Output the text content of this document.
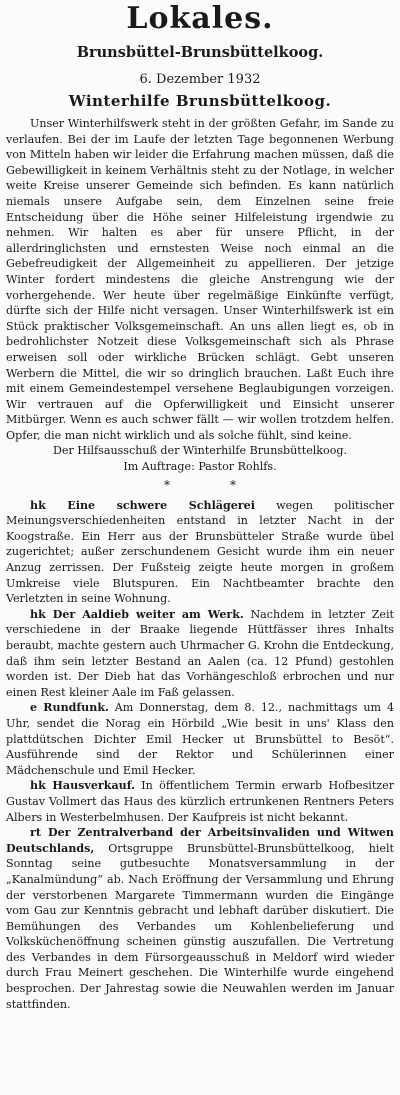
Lokales.
Brunsbüttel-Brunsbüttelkoog.
6. Dezember 1932
Winterhilfe Brunsbüttelkoog.

Unser Winterhilfswerk steht in der größten Gefahr, im Sande zu verlaufen. Bei der im Laufe der letzten Tage begonnenen Werbung von Mitteln haben wir leider die Erfahrung machen müssen, daß die Gebewilligkeit in keinem Verhältnis steht zu der Notlage, in welcher weite Kreise unserer Gemeinde sich befinden. Es kann natürlich niemals unsere Aufgabe sein, dem Einzelnen seine freie Entscheidung über die Höhe seiner Hilfeleistung irgendwie zu nehmen. Wir halten es aber für unsere Pflicht, in der allerdringlichsten und ernstesten Weise noch einmal an die Gebefreudigkeit der Allgemeinheit zu appellieren. Der jetzige Winter fordert mindestens die gleiche Anstrengung wie der vorhergehende. Wer heute über regelmäßige Einkünfte verfügt, dürfte sich der Hilfe nicht versagen. Unser Winterhilfswerk ist ein Stück praktischer Volksgemeinschaft. An uns allen liegt es, ob in bedrohlichster Notzeit diese Volksgemeinschaft sich als Phrase erweisen soll oder wirkliche Brücken schlägt. Gebt unseren Werbern die Mittel, die wir so dringlich brauchen. Laßt Euch ihre mit einem Gemeindestempel versehene Beglaubigungen vorzeigen. Wir vertrauen auf die Opferwilligkeit und Einsicht unserer Mitbürger. Wenn es auch schwer fällt — wir wollen trotzdem helfen. Opfer, die man nicht wirklich und als solche fühlt, sind keine.

Der Hilfsausschuß der Winterhilfe Brunsbüttelkoog.

Im Auftrage: Pastor Rohlfs.

*	*

hk Eine schwere Schlägerei wegen politischer Meinungsverschiedenheiten entstand in letzter Nacht in der Koogstraße. Ein Herr aus der Brunsbütteler Straße wurde übel zugerichtet; außer zerschundenem Gesicht wurde ihm ein neuer Anzug zerrissen. Der Fußsteig zeigte heute morgen in großem Umkreise viele Blutspuren. Ein Nachtbeamter brachte den Verletzten in seine Wohnung.

hk Der Aaldieb weiter am Werk. Nachdem in letzter Zeit verschiedene in der Braake liegende Hüttfässer ihres Inhalts beraubt, machte gestern auch Uhrmacher G. Krohn die Entdeckung, daß ihm sein letzter Bestand an Aalen (ca. 12 Pfund) gestohlen worden ist. Der Dieb hat das Vorhängeschloß erbrochen und nur einen Rest kleiner Aale im Faß gelassen.

e Rundfunk. Am Donnerstag, dem 8. 12., nachmittags um 4 Uhr, sendet die Norag ein Hörbild „Wie besit in uns' Klass den plattdütschen Dichter Emil Hecker ut Brunsbüttel to Besöt“. Ausführende sind der Rektor und Schülerinnen einer Mädchenschule und Emil Hecker.

hk Hausverkauf. In öffentlichem Termin erwarb Hofbesitzer Gustav Vollmert das Haus des kürzlich ertrunkenen Rentners Peters Albers in Westerbelmhusen. Der Kaufpreis ist nicht bekannt.

rt Der Zentralverband der Arbeitsinvaliden und Witwen Deutschlands, Ortsgruppe Brunsbüttel-Brunsbüttelkoog, hielt Sonntag seine gutbesuchte Monatsversammlung in der „Kanalmündung“ ab. Nach Eröffnung der Versammlung und Ehrung der verstorbenen Margarete Timmermann wurden die Eingänge vom Gau zur Kenntnis gebracht und lebhaft darüber diskutiert. Die Bemühungen des Verbandes um Kohlenbelieferung und Volksküchenöffnung scheinen günstig auszufallen. Die Vertretung des Verbandes in dem Fürsorgeausschuß in Meldorf wird wieder durch Frau Meinert geschehen. Die Winterhilfe wurde eingehend besprochen. Der Jahrestag sowie die Neuwahlen werden im Januar stattfinden.
